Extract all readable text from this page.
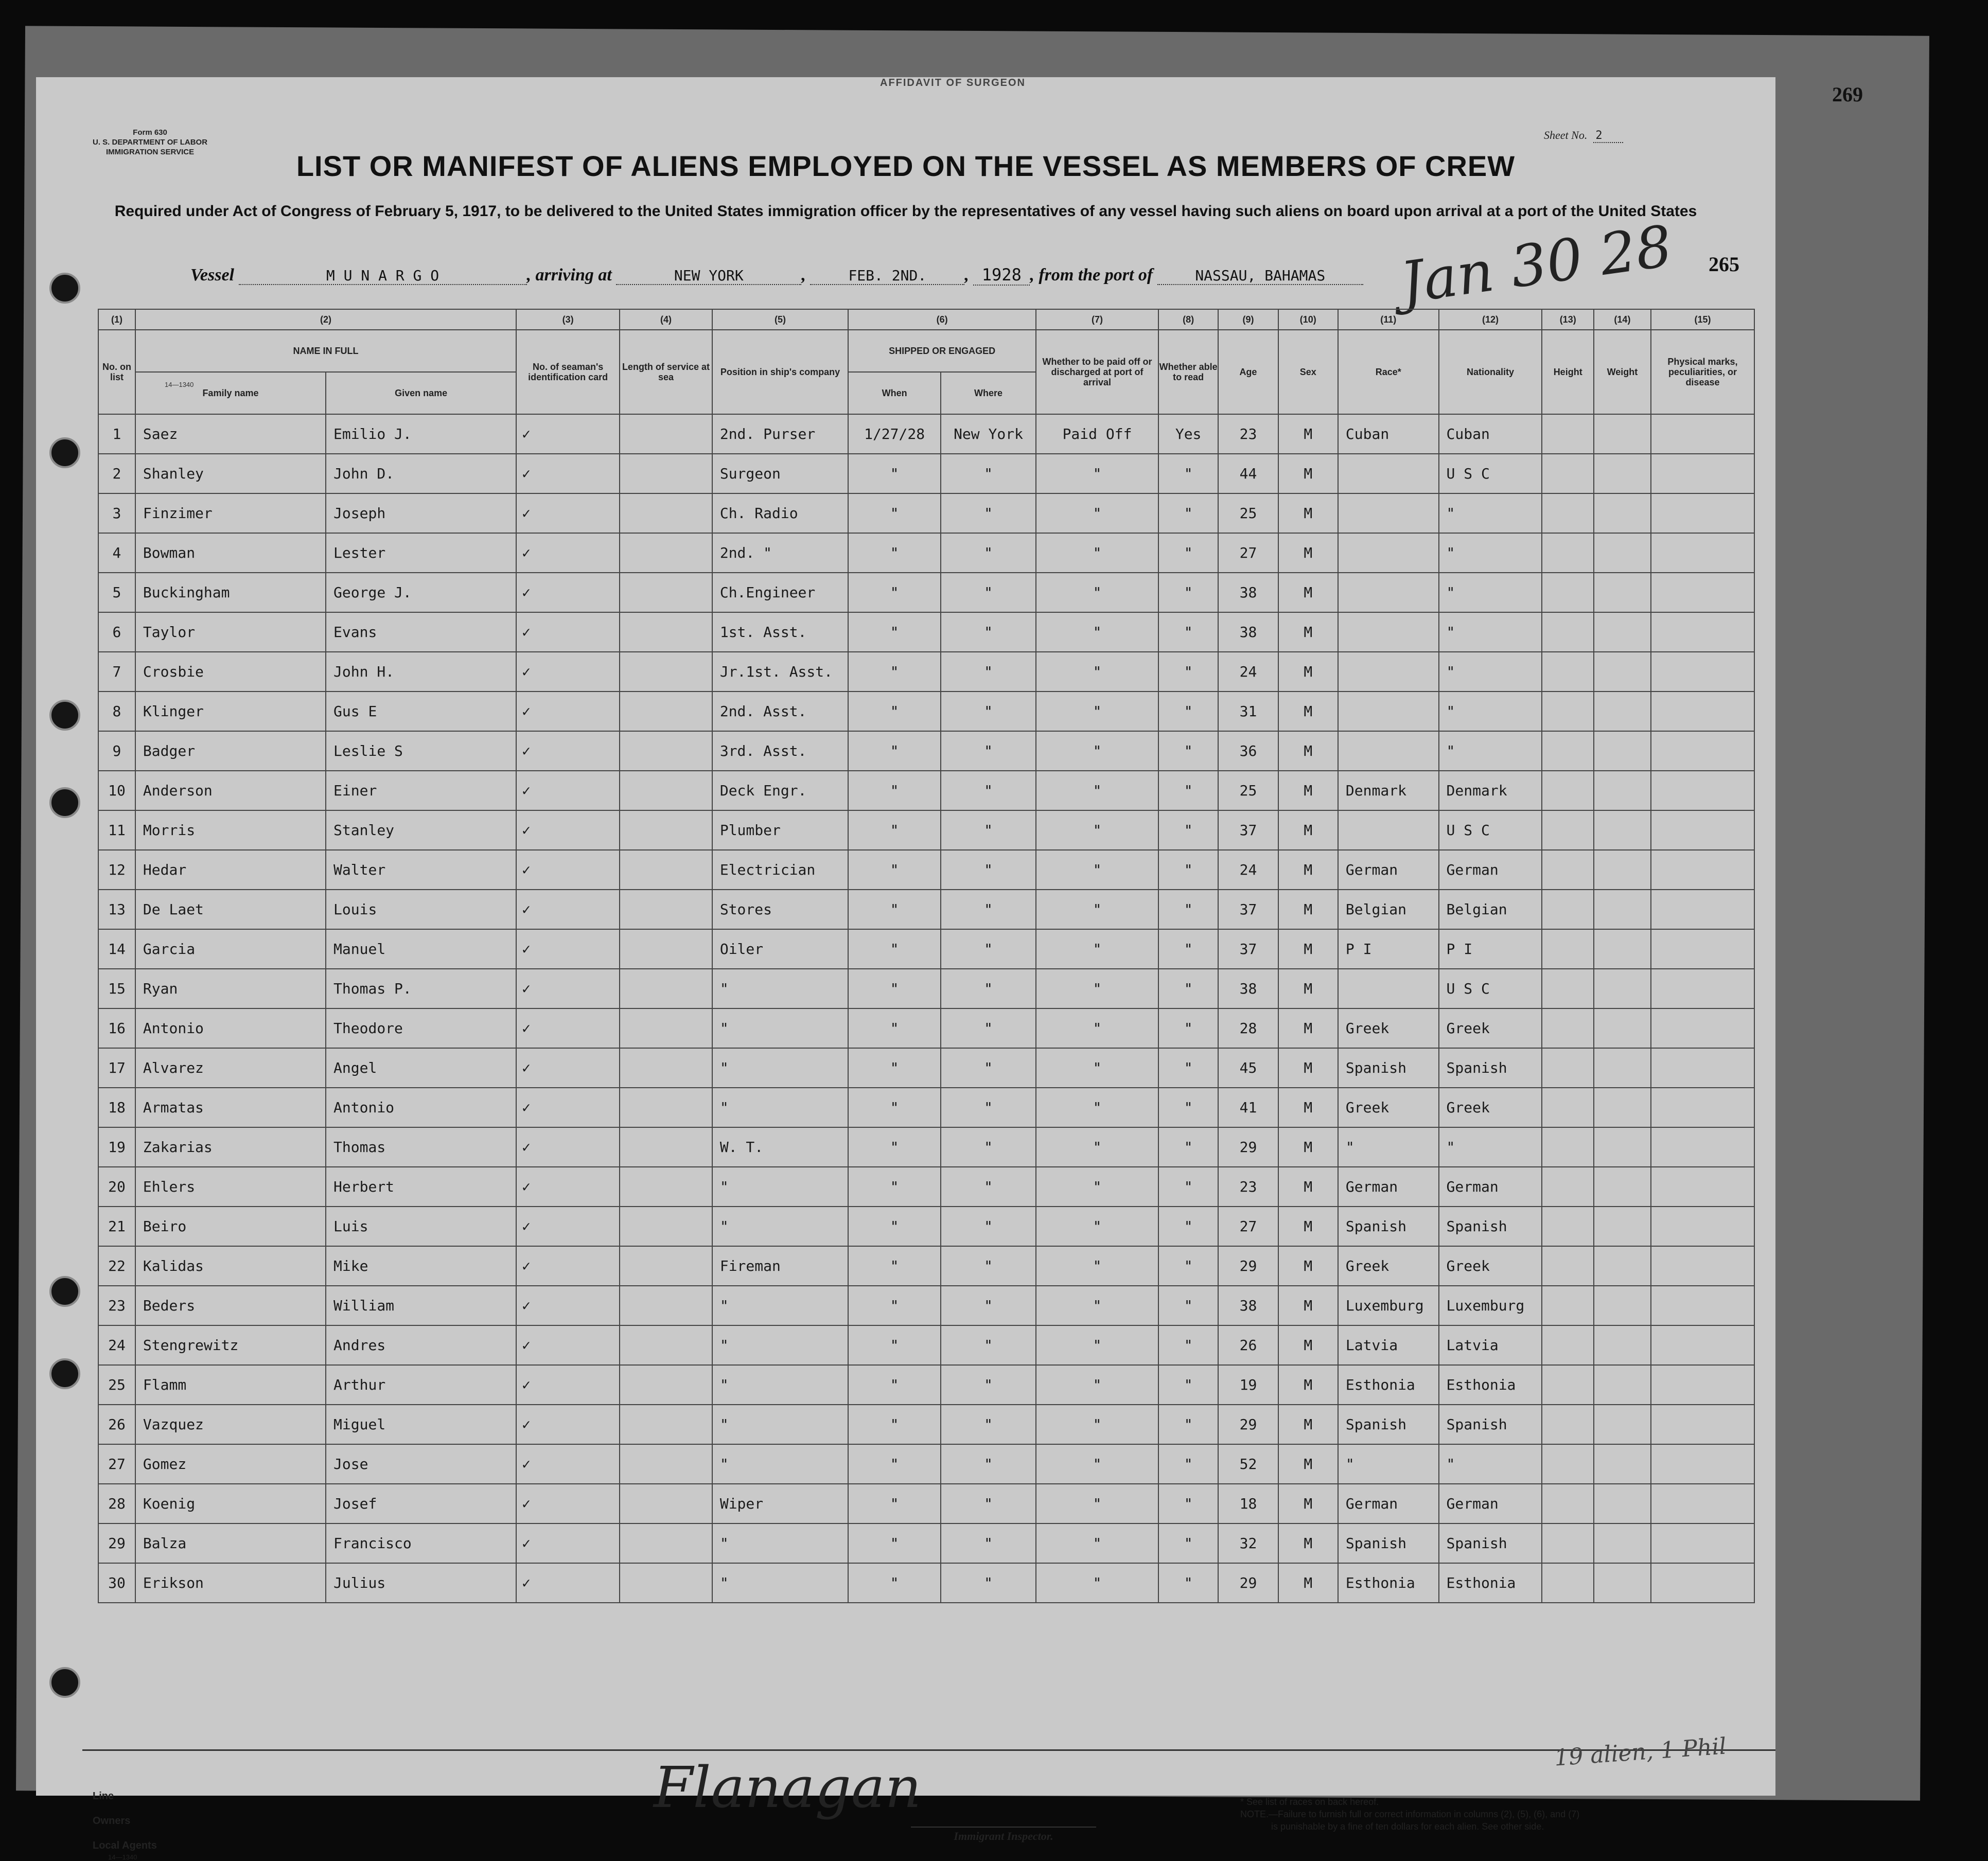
Form 630
U. S. DEPARTMENT OF LABOR
IMMIGRATION SERVICE
AFFIDAVIT OF SURGEON
Sheet No. 2
269
LIST OR MANIFEST OF ALIENS EMPLOYED ON THE VESSEL AS MEMBERS OF CREW
Required under Act of Congress of February 5, 1917, to be delivered to the United States immigration officer by the representatives of any vessel having such aliens on board upon arrival at a port of the United States
Vessel	M U N A R G O	, arriving at	NEW YORK	,	FEB. 2ND. , 1928 , from the port of	NASSAU, BAHAMAS	Jan 30 28 265
14—1340
(1)	(2)		(3)	(4)	(5)	(6)		(7)	(8)	(9)	(10)	(11)	(12)	(13)	(14)	(15)
No. on list	NAME IN FULL		No. of seaman's identification card	Length of service at sea	Position in ship's company	SHIPPED OR ENGAGED		Whether to be paid off or discharged at port of arrival	Whether able to read	Age	Sex	Race*	Nationality	Height	Weight	Physical marks, peculiarities, or disease
	Family name	Given name				When	Where									
1	Saez	Emilio J.	✓		2nd. Purser	1/27/28	New York	Paid Off	Yes	23	M	Cuban	Cuban			
2	Shanley	John D.	✓		Surgeon	"	"	"	"	44	M		U S C			
3	Finzimer	Joseph	✓		Ch. Radio	"	"	"	"	25	M		"			
4	Bowman	Lester	✓		2nd. "	"	"	"	"	27	M		"			
5	Buckingham	George J.	✓		Ch.Engineer	"	"	"	"	38	M		"			
6	Taylor	Evans	✓		1st. Asst.	"	"	"	"	38	M		"			
7	Crosbie	John H.	✓		Jr.1st. Asst.	"	"	"	"	24	M		"			
8	Klinger	Gus E	✓		2nd. Asst.	"	"	"	"	31	M		"			
9	Badger	Leslie S	✓		3rd. Asst.	"	"	"	"	36	M		"			
10	Anderson	Einer	✓		Deck Engr.	"	"	"	"	25	M	Denmark	Denmark			
11	Morris	Stanley	✓		Plumber	"	"	"	"	37	M		U S C			
12	Hedar	Walter	✓		Electrician	"	"	"	"	24	M	German	German			
13	De Laet	Louis	✓		Stores	"	"	"	"	37	M	Belgian	Belgian			
14	Garcia	Manuel	✓		Oiler	"	"	"	"	37	M	P I	P I			
15	Ryan	Thomas P.	✓		"	"	"	"	"	38	M		U S C			
16	Antonio	Theodore	✓		"	"	"	"	"	28	M	Greek	Greek			
17	Alvarez	Angel	✓		"	"	"	"	"	45	M	Spanish	Spanish			
18	Armatas	Antonio	✓		"	"	"	"	"	41	M	Greek	Greek			
19	Zakarias	Thomas	✓		W. T.	"	"	"	"	29	M	"	"			
20	Ehlers	Herbert	✓		"	"	"	"	"	23	M	German	German			
21	Beiro	Luis	✓		"	"	"	"	"	27	M	Spanish	Spanish			
22	Kalidas	Mike	✓		Fireman	"	"	"	"	29	M	Greek	Greek			
23	Beders	William	✓		"	"	"	"	"	38	M	Luxemburg	Luxemburg			
24	Stengrewitz	Andres	✓		"	"	"	"	"	26	M	Latvia	Latvia			
25	Flamm	Arthur	✓		"	"	"	"	"	19	M	Esthonia	Esthonia			
26	Vazquez	Miguel	✓		"	"	"	"	"	29	M	Spanish	Spanish			
27	Gomez	Jose	✓		"	"	"	"	"	52	M	"	"			
28	Koenig	Josef	✓		Wiper	"	"	"	"	18	M	German	German			
29	Balza	Francisco	✓		"	"	"	"	"	32	M	Spanish	Spanish			
30	Erikson	Julius	✓		"	"	"	"	"	29	M	Esthonia	Esthonia			
Line
Owners
Local Agents
14—1340
Flanagan
Immigrant Inspector.
* See list of races on back hereof.
NOTE.—Failure to furnish full or correct information in columns (2), (5), (6), and (7)
is punishable by a fine of ten dollars for each alien. See other side.
19 alien, 1 Phil
